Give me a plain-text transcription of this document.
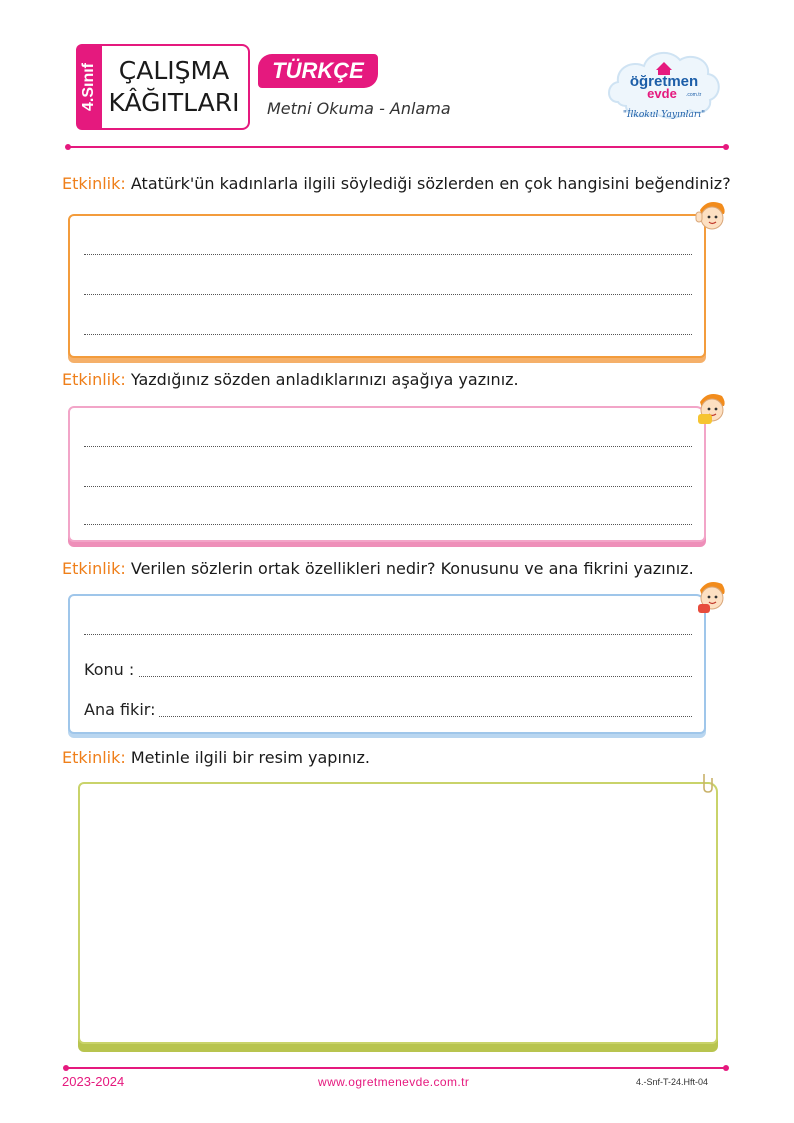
4.Sınıf ÇALIŞMA
KÂĞITLARI
TÜRKÇE
Metni Okuma - Anlama
öğretmen
evde .com.tr
"İlkokul Yayınları"
Etkinlik: Atatürk'ün kadınlarla ilgili söylediği sözlerden en çok hangisini beğendiniz?
Etkinlik: Yazdığınız sözden anladıklarınızı aşağıya yazınız.
Etkinlik: Verilen sözlerin ortak özellikleri nedir? Konusunu ve ana fikrini yazınız.
Konu :
Ana fikir:
Etkinlik: Metinle ilgili bir resim yapınız.
2023-2024	www.ogretmenevde.com.tr	4.-Snf-T-24.Hft-04
